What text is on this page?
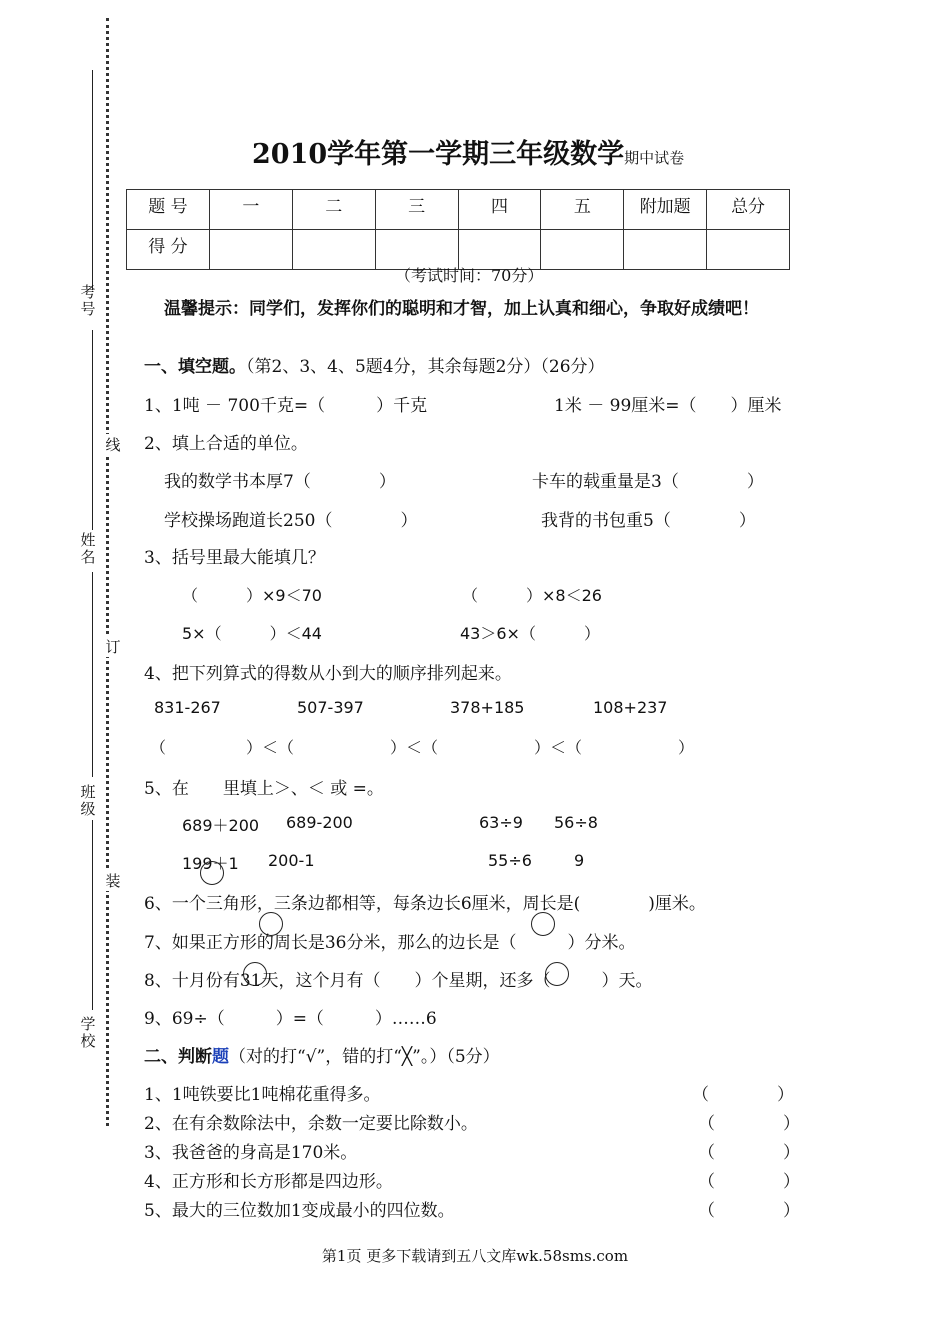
考号
姓名
班级
学校
线
订
装
2010学年第一学期三年级数学期中试卷
题 号	一	二	三	四	五	附加题	总分
得 分							
（考试时间：70分）
温馨提示：同学们，发挥你们的聪明和才智，加上认真和细心，争取好成绩吧！
一、填空题。（第2、3、4、5题4分，其余每题2分）（26分）
1、1吨 － 700千克=（　　　）千克	1米 － 99厘米=（　　）厘米
2、填上合适的单位。
我的数学书本厚7（　　　　）	卡车的载重量是3（　　　　）
学校操场跑道长250（　　　　）	我背的书包重5（　　　　）
3、括号里最大能填几？
（　　　）×9＜70	（　　　）×8＜26
5×（　　　）＜44	43＞6×（　　　）
4、把下列算式的得数从小到大的顺序排列起来。
831-267	507-397	378+185	108+237
（　　　　　）＜（　　　　　　）＜（　　　　　　）＜（　　　　　　）
5、在　　里填上＞、＜ 或 =。
689＋200 689-200	63÷9 56÷8
199＋1 200-1	55÷6	9
6、一个三角形，三条边都相等，每条边长6厘米，周长是(　　　　)厘米。
7、如果正方形的周长是36分米，那么的边长是（　　　）分米。
8、十月份有31天，这个月有（　　）个星期，还多（　　　）天。
9、69÷（　　　）=（　　　）……6
二、判断题（对的打“√”，错的打“╳”。）（5分）
1、1吨铁要比1吨棉花重得多。	（　　　　）
2、在有余数除法中，余数一定要比除数小。	（　　　　）
3、我爸爸的身高是170米。	（　　　　）
4、正方形和长方形都是四边形。	（　　　　）
5、最大的三位数加1变成最小的四位数。	（　　　　）
第1页 更多下载请到五八文库wk.58sms.com
